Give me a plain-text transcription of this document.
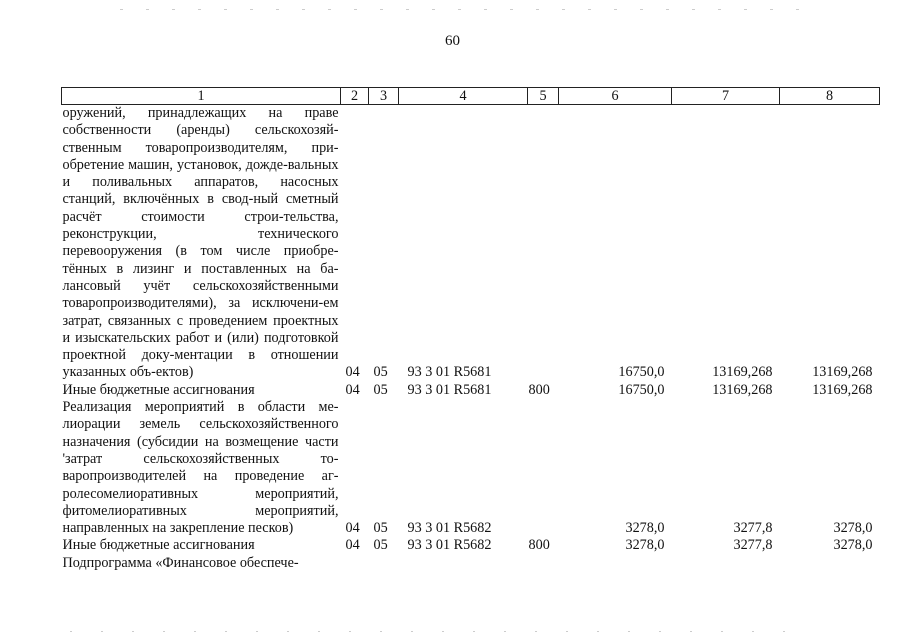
60
1	2	3	4	5	6	7	8
оружений, принадлежащих на праве собственности (аренды) сельскохозяй-ственным товаропроизводителям, при-обретение машин, установок, дожде-вальных и поливальных аппаратов, насосных станций, включённых в свод-ный сметный расчёт стоимости строи-тельства, реконструкции, технического перевооружения (в том числе приобре-тённых в лизинг и поставленных на ба-лансовый учёт сельскохозяйственными товаропроизводителями), за исключени-ем затрат, связанных с проведением проектных и изыскательских работ и (или) подготовкой проектной доку-ментации в отношении указанных объ-ектов)	04	05	93 3 01 R5681		16750,0	13169,268	13169,268
Иные бюджетные ассигнования	04	05	93 3 01 R5681	800	16750,0	13169,268	13169,268
Реализация мероприятий в области ме-лиорации земель сельскохозяйственного назначения (субсидии на возмещение части 'затрат сельскохозяйственных то-варопроизводителей на проведение аг-ролесомелиоративных мероприятий, фитомелиоративных мероприятий, направленных на закрепление песков)	04	05	93 3 01 R5682		3278,0	3277,8	3278,0
Иные бюджетные ассигнования	04	05	93 3 01 R5682	800	3278,0	3277,8	3278,0
Подпрограмма «Финансовое обеспече-							
